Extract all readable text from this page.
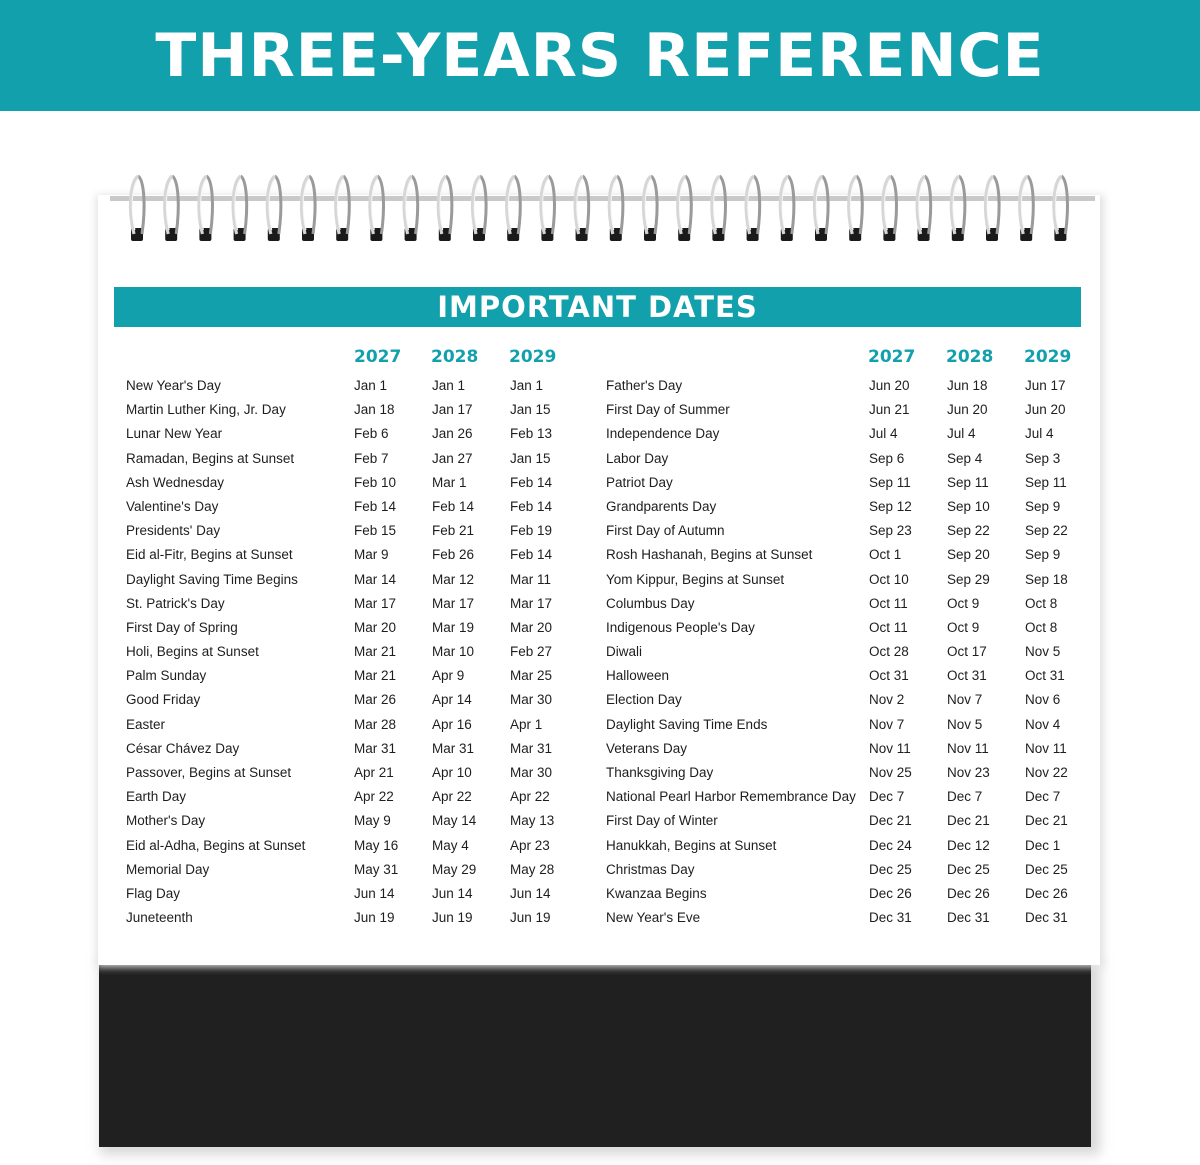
THREE-YEARS REFERENCE
IMPORTANT DATES
2027 2028 2029	2027 2028 2029
New Year's Day	Jan 1	Jan 1	Jan 1
Martin Luther King, Jr. Day	Jan 18	Jan 17	Jan 15
Lunar New Year	Feb 6	Jan 26	Feb 13
Ramadan, Begins at Sunset	Feb 7	Jan 27	Jan 15
Ash Wednesday	Feb 10	Mar 1	Feb 14
Valentine's Day	Feb 14	Feb 14	Feb 14
Presidents' Day	Feb 15	Feb 21	Feb 19
Eid al-Fitr, Begins at Sunset	Mar 9	Feb 26	Feb 14
Daylight Saving Time Begins	Mar 14	Mar 12	Mar 11
St. Patrick's Day	Mar 17	Mar 17	Mar 17
First Day of Spring	Mar 20	Mar 19	Mar 20
Holi, Begins at Sunset	Mar 21	Mar 10	Feb 27
Palm Sunday	Mar 21	Apr 9	Mar 25
Good Friday	Mar 26	Apr 14	Mar 30
Easter	Mar 28	Apr 16	Apr 1
César Chávez Day	Mar 31	Mar 31	Mar 31
Passover, Begins at Sunset	Apr 21	Apr 10	Mar 30
Earth Day	Apr 22	Apr 22	Apr 22
Mother's Day	May 9	May 14 May 13
Eid al-Adha, Begins at Sunset	May 16 May 4	Apr 23
Memorial Day	May 31 May 29 May 28
Flag Day	Jun 14	Jun 14	Jun 14
Juneteenth	Jun 19	Jun 19	Jun 19
Father's Day	Jun 20	Jun 18	Jun 17
First Day of Summer	Jun 21	Jun 20	Jun 20
Independence Day	Jul 4	Jul 4	Jul 4
Labor Day	Sep 6	Sep 4	Sep 3
Patriot Day	Sep 11	Sep 11	Sep 11
Grandparents Day	Sep 12	Sep 10	Sep 9
First Day of Autumn	Sep 23	Sep 22	Sep 22
Rosh Hashanah, Begins at Sunset	Oct 1	Sep 20	Sep 9
Yom Kippur, Begins at Sunset	Oct 10	Sep 29	Sep 18
Columbus Day	Oct 11	Oct 9	Oct 8
Indigenous People's Day	Oct 11	Oct 9	Oct 8
Diwali	Oct 28	Oct 17	Nov 5
Halloween	Oct 31	Oct 31	Oct 31
Election Day	Nov 2	Nov 7	Nov 6
Daylight Saving Time Ends	Nov 7	Nov 5	Nov 4
Veterans Day	Nov 11	Nov 11	Nov 11
Thanksgiving Day	Nov 25	Nov 23	Nov 22
National Pearl Harbor Remembrance Day Dec 7	Dec 7	Dec 7
First Day of Winter	Dec 21	Dec 21	Dec 21
Hanukkah, Begins at Sunset	Dec 24	Dec 12	Dec 1
Christmas Day	Dec 25	Dec 25	Dec 25
Kwanzaa Begins	Dec 26	Dec 26	Dec 26
New Year's Eve	Dec 31	Dec 31	Dec 31
